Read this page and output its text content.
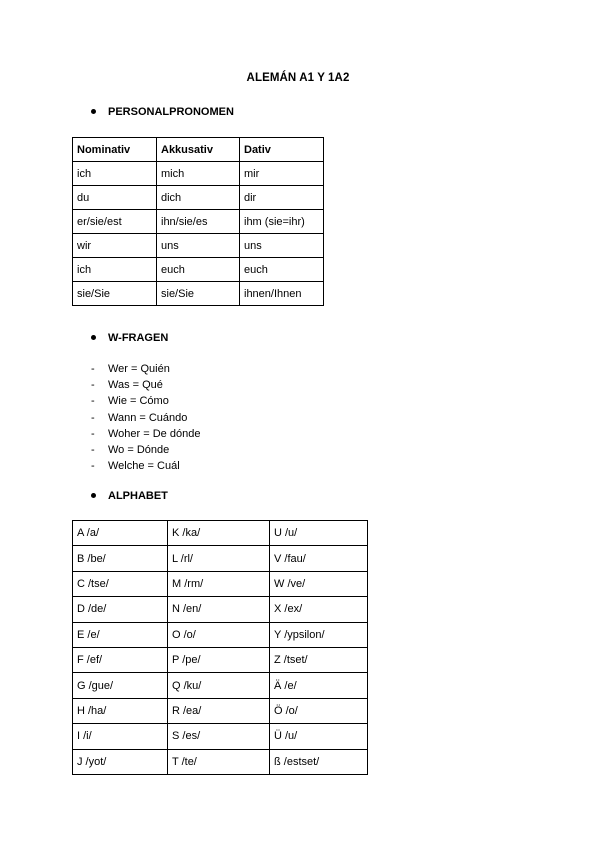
ALEMÁN A1 Y 1A2
PERSONALPRONOMEN
Nominativ	Akkusativ	Dativ
ich	mich	mir
du	dich	dir
er/sie/est	ihn/sie/es	ihm (sie=ihr)
wir	uns	uns
ich	euch	euch
sie/Sie	sie/Sie	ihnen/Ihnen
W-FRAGEN
- Wer = Quién
- Was = Qué
- Wie = Cómo
- Wann = Cuándo
- Woher = De dónde
- Wo = Dónde
- Welche = Cuál
ALPHABET
A /a/	K /ka/	U /u/
B /be/	L /rl/	V /fau/
C /tse/	M /rm/	W /ve/
D /de/	N /en/	X /ex/
E /e/	O /o/	Y /ypsilon/
F /ef/	P /pe/	Z /tset/
G /gue/	Q /ku/	Ä /e/
H /ha/	R /ea/	Ö /o/
I /i/	S /es/	Ü /u/
J /yot/	T /te/	ß /estset/
